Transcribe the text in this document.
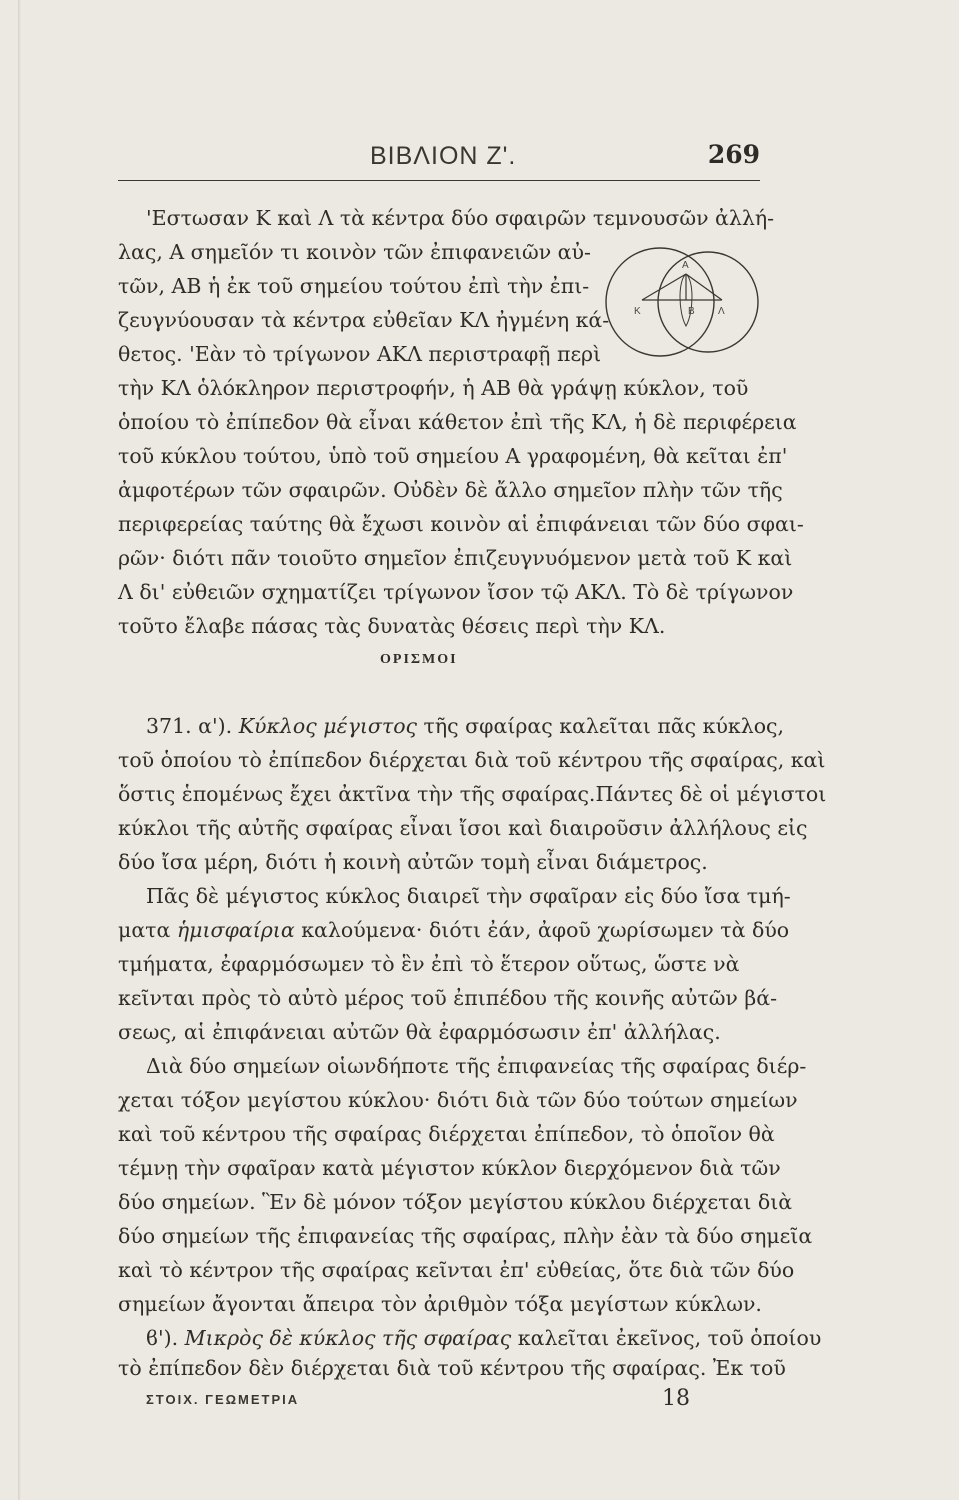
ΒΙΒΛΙΟΝ Ζ'.	269
Α
Κ	Β Λ
'Εστωσαν Κ καὶ Λ τὰ κέντρα δύο σφαιρῶν τεμνουσῶν ἀλλή-
λας, Α σημεῖόν τι κοινὸν τῶν ἐπιφανειῶν αὐ-
τῶν, ΑΒ ἡ ἐκ τοῦ σημείου τούτου ἐπὶ τὴν ἐπι-
ζευγνύουσαν τὰ κέντρα εὐθεῖαν ΚΛ ἠγμένη κά-
θετος. 'Εὰν τὸ τρίγωνον ΑΚΛ περιστραφῇ περὶ
τὴν ΚΛ ὁλόκληρον περιστροφήν, ἡ ΑΒ θὰ γράψῃ κύκλον, τοῦ
ὁποίου τὸ ἐπίπεδον θὰ εἶναι κάθετον ἐπὶ τῆς ΚΛ, ἡ δὲ περιφέρεια
τοῦ κύκλου τούτου, ὑπὸ τοῦ σημείου Α γραφομένη, θὰ κεῖται ἐπ'
ἀμφοτέρων τῶν σφαιρῶν. Οὐδὲν δὲ ἄλλο σημεῖον πλὴν τῶν τῆς
περιφερείας ταύτης θὰ ἔχωσι κοινὸν αἱ ἐπιφάνειαι τῶν δύο σφαι-
ρῶν· διότι πᾶν τοιοῦτο σημεῖον ἐπιζευγνυόμενον μετὰ τοῦ Κ καὶ
Λ δι' εὐθειῶν σχηματίζει τρίγωνον ἴσον τῷ ΑΚΛ. Τὸ δὲ τρίγωνον
τοῦτο ἔλαβε πάσας τὰς δυνατὰς θέσεις περὶ τὴν ΚΛ.
ΟΡΙΣΜΟΙ
371. α'). Κύκλος μέγιστος τῆς σφαίρας καλεῖται πᾶς κύκλος,
τοῦ ὁποίου τὸ ἐπίπεδον διέρχεται διὰ τοῦ κέντρου τῆς σφαίρας, καὶ
ὅστις ἑπομένως ἔχει ἀκτῖνα τὴν τῆς σφαίρας.Πάντες δὲ οἱ μέγιστοι
κύκλοι τῆς αὐτῆς σφαίρας εἶναι ἴσοι καὶ διαιροῦσιν ἀλλήλους εἰς
δύο ἴσα μέρη, διότι ἡ κοινὴ αὐτῶν τομὴ εἶναι διάμετρος.
Πᾶς δὲ μέγιστος κύκλος διαιρεῖ τὴν σφαῖραν εἰς δύο ἴσα τμή-
ματα ἡμισφαίρια καλούμενα· διότι ἐάν, ἀφοῦ χωρίσωμεν τὰ δύο
τμήματα, ἐφαρμόσωμεν τὸ ἓν ἐπὶ τὸ ἕτερον οὕτως, ὥστε νὰ
κεῖνται πρὸς τὸ αὐτὸ μέρος τοῦ ἐπιπέδου τῆς κοινῆς αὐτῶν βά-
σεως, αἱ ἐπιφάνειαι αὐτῶν θὰ ἐφαρμόσωσιν ἐπ' ἀλλήλας.
Διὰ δύο σημείων οἱωνδήποτε τῆς ἐπιφανείας τῆς σφαίρας διέρ-
χεται τόξον μεγίστου κύκλου· διότι διὰ τῶν δύο τούτων σημείων
καὶ τοῦ κέντρου τῆς σφαίρας διέρχεται ἐπίπεδον, τὸ ὁποῖον θὰ
τέμνῃ τὴν σφαῖραν κατὰ μέγιστον κύκλον διερχόμενον διὰ τῶν
δύο σημείων. Ἓν δὲ μόνον τόξον μεγίστου κύκλου διέρχεται διὰ
δύο σημείων τῆς ἐπιφανείας τῆς σφαίρας, πλὴν ἐὰν τὰ δύο σημεῖα
καὶ τὸ κέντρον τῆς σφαίρας κεῖνται ἐπ' εὐθείας, ὅτε διὰ τῶν δύο
σημείων ἄγονται ἄπειρα τὸν ἀριθμὸν τόξα μεγίστων κύκλων.
ϐ'). Μικρὸς δὲ κύκλος τῆς σφαίρας καλεῖται ἐκεῖνος, τοῦ ὁποίου
τὸ ἐπίπεδον δὲν διέρχεται διὰ τοῦ κέντρου τῆς σφαίρας. Ἐκ τοῦ
ΣΤΟΙΧ. ΓΕΩΜΕΤΡΙΑ	18
